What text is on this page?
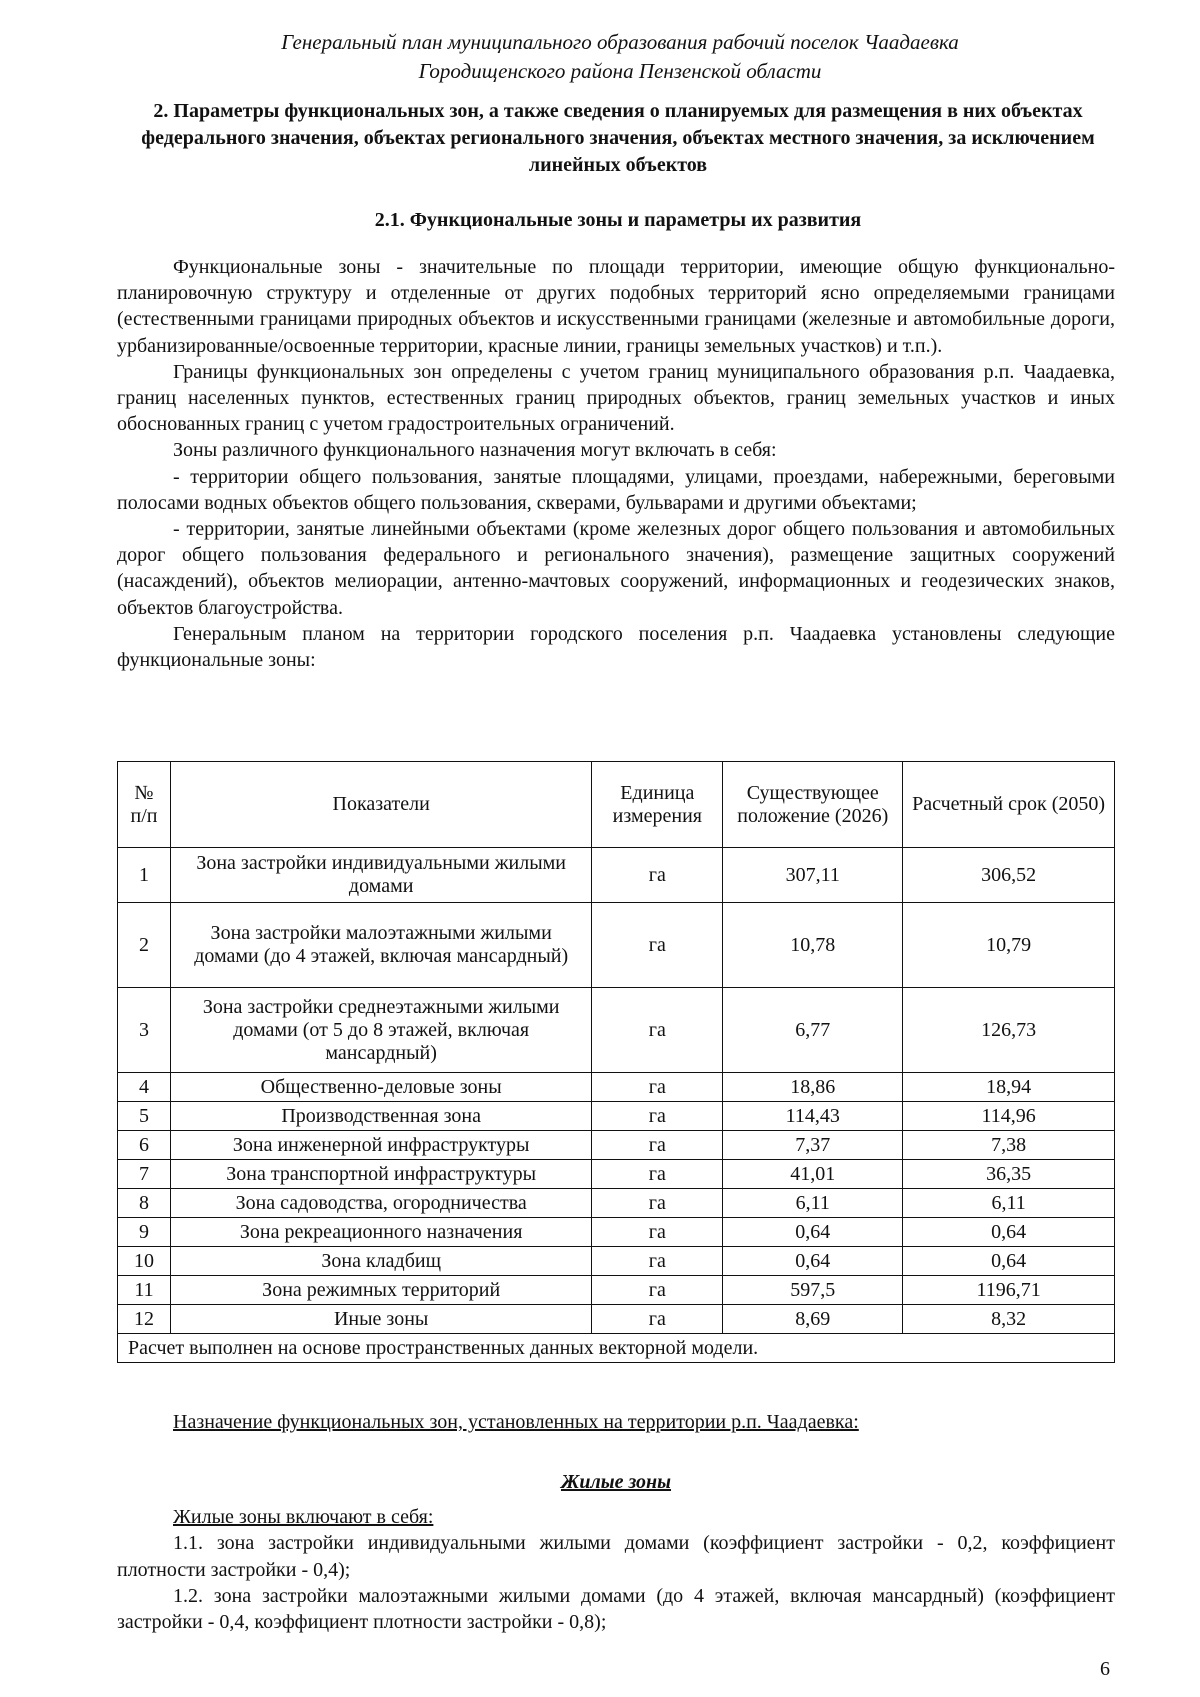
Генеральный план муниципального образования рабочий поселок Чаадаевка
Городищенского района Пензенской области
2. Параметры функциональных зон, а также сведения о планируемых для размещения в них объектах федерального значения, объектах регионального значения, объектах местного значения, за исключением линейных объектов
2.1. Функциональные зоны и параметры их развития

Функциональные зоны - значительные по площади территории, имеющие общую функционально-планировочную структуру и отделенные от других подобных территорий ясно определяемыми границами (естественными границами природных объектов и искусственными границами (железные и автомобильные дороги, урбанизированные/освоенные территории, красные линии, границы земельных участков) и т.п.).

Границы функциональных зон определены с учетом границ муниципального образования р.п. Чаадаевка, границ населенных пунктов, естественных границ природных объектов, границ земельных участков и иных обоснованных границ с учетом градостроительных ограничений.

Зоны различного функционального назначения могут включать в себя:

- территории общего пользования, занятые площадями, улицами, проездами, набережными, береговыми полосами водных объектов общего пользования, скверами, бульварами и другими объектами;

- территории, занятые линейными объектами (кроме железных дорог общего пользования и автомобильных дорог общего пользования федерального и регионального значения), размещение защитных сооружений (насаждений), объектов мелиорации, антенно-мачтовых сооружений, информационных и геодезических знаков, объектов благоустройства.

Генеральным планом на территории городского поселения р.п. Чаадаевка установлены следующие функциональные зоны:

№ п/п	Показатели	Единица измерения	Существующее положение (2026)	Расчетный срок (2050)
1	Зона застройки индивидуальными жилыми домами	га	307,11	306,52
2	Зона застройки малоэтажными жилыми домами (до 4 этажей, включая мансардный)	га	10,78	10,79
3	Зона застройки среднеэтажными жилыми домами (от 5 до 8 этажей, включая мансардный)	га	6,77	126,73
4	Общественно-деловые зоны	га	18,86	18,94
5	Производственная зона	га	114,43	114,96
6	Зона инженерной инфраструктуры	га	7,37	7,38
7	Зона транспортной инфраструктуры	га	41,01	36,35
8	Зона садоводства, огородничества	га	6,11	6,11
9	Зона рекреационного назначения	га	0,64	0,64
10	Зона кладбищ	га	0,64	0,64
11	Зона режимных территорий	га	597,5	1196,71
12	Иные зоны	га	8,69	8,32
Расчет выполнен на основе пространственных данных векторной модели.				

Назначение функциональных зон, установленных на территории р.п. Чаадаевка:

Жилые зоны

Жилые зоны включают в себя:

1.1. зона застройки индивидуальными жилыми домами (коэффициент застройки - 0,2, коэффициент плотности застройки - 0,4);

1.2. зона застройки малоэтажными жилыми домами (до 4 этажей, включая мансардный) (коэффициент застройки - 0,4, коэффициент плотности застройки - 0,8);

6
